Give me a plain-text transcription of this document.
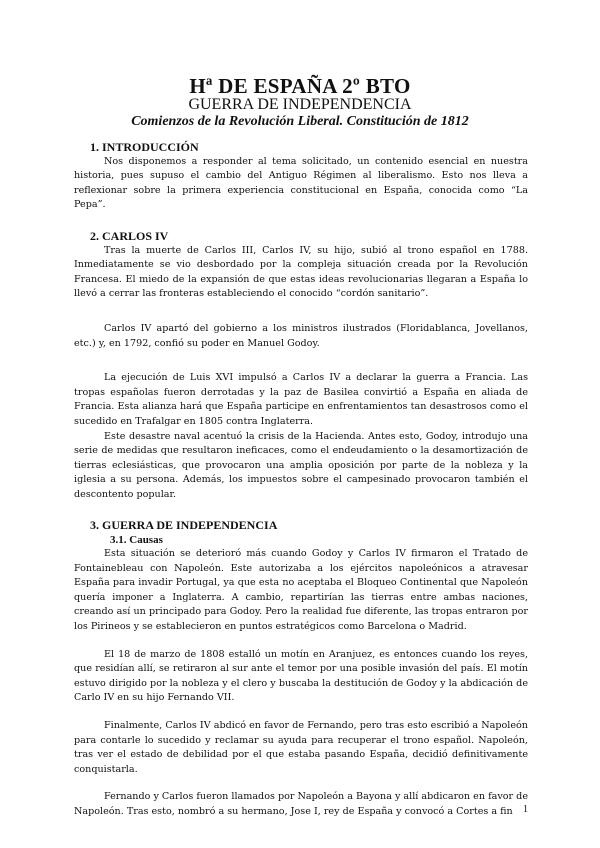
Hª DE ESPAÑA 2º BTO
GUERRA DE INDEPENDENCIA
Comienzos de la Revolución Liberal. Constitución de 1812
1. INTRODUCCIÓN

Nos disponemos a responder al tema solicitado, un contenido esencial en nuestra historia, pues supuso el cambio del Antiguo Régimen al liberalismo. Esto nos lleva a reflexionar sobre la primera experiencia constitucional en España, conocida como “La Pepa”.

2. CARLOS IV

Tras la muerte de Carlos III, Carlos IV, su hijo, subió al trono español en 1788. Inmediatamente se vio desbordado por la compleja situación creada por la Revolución Francesa. El miedo de la expansión de que estas ideas revolucionarias llegaran a España lo llevó a cerrar las fronteras estableciendo el conocido “cordón sanitario”.

Carlos IV apartó del gobierno a los ministros ilustrados (Floridablanca, Jovellanos, etc.) y, en 1792, confió su poder en Manuel Godoy.

La ejecución de Luis XVI impulsó a Carlos IV a declarar la guerra a Francia. Las tropas españolas fueron derrotadas y la paz de Basilea convirtió a España en aliada de Francia. Esta alianza hará que España participe en enfrentamientos tan desastrosos como el sucedido en Trafalgar en 1805 contra Inglaterra.

Este desastre naval acentuó la crisis de la Hacienda. Antes esto, Godoy, introdujo una serie de medidas que resultaron ineficaces, como el endeudamiento o la desamortización de tierras eclesiásticas, que provocaron una amplia oposición por parte de la nobleza y la iglesia a su persona. Además, los impuestos sobre el campesinado provocaron también el descontento popular.

3. GUERRA DE INDEPENDENCIA
3.1. Causas

Esta situación se deterioró más cuando Godoy y Carlos IV firmaron el Tratado de Fontainebleau con Napoleón. Este autorizaba a los ejércitos napoleónicos a atravesar España para invadir Portugal, ya que esta no aceptaba el Bloqueo Continental que Napoleón quería imponer a Inglaterra. A cambio, repartirían las tierras entre ambas naciones, creando así un principado para Godoy. Pero la realidad fue diferente, las tropas entraron por los Pirineos y se establecieron en puntos estratégicos como Barcelona o Madrid.

El 18 de marzo de 1808 estalló un motín en Aranjuez, es entonces cuando los reyes, que residían allí, se retiraron al sur ante el temor por una posible invasión del país. El motín estuvo dirigido por la nobleza y el clero y buscaba la destitución de Godoy y la abdicación de Carlo IV en su hijo Fernando VII.

Finalmente, Carlos IV abdicó en favor de Fernando, pero tras esto escribió a Napoleón para contarle lo sucedido y reclamar su ayuda para recuperar el trono español. Napoleón, tras ver el estado de debilidad por el que estaba pasando España, decidió definitivamente conquistarla.

Fernando y Carlos fueron llamados por Napoleón a Bayona y allí abdicaron en favor de Napoleón. Tras esto, nombró a su hermano, Jose I, rey de España y convocó a Cortes a fin	1
